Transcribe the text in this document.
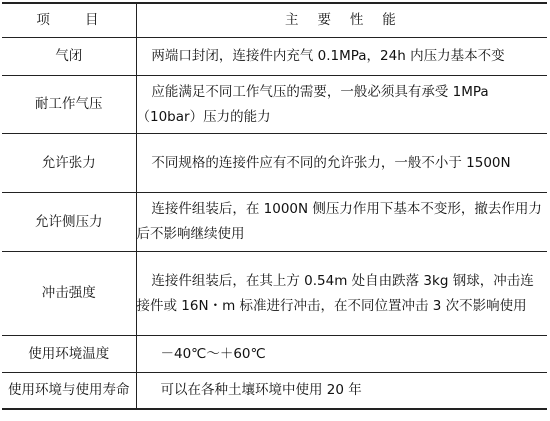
项　　目	主　要　性　能
气闭	两端口封闭，连接件内充气 0.1MPa，24h 内压力基本不变
耐工作气压	应能满足不同工作气压的需要，一般必须具有承受 1MPa（10bar）压力的能力
允许张力	不同规格的连接件应有不同的允许张力，一般不小于 1500N
允许侧压力	连接件组装后，在 1000N 侧压力作用下基本不变形，撤去作用力后不影响继续使用
冲击强度	连接件组装后，在其上方 0.54m 处自由跌落 3kg 钢球，冲击连接件或 16N・m 标准进行冲击，在不同位置冲击 3 次不影响使用
使用环境温度	－40℃～＋60℃
使用环境与使用寿命	可以在各种土壤环境中使用 20 年
